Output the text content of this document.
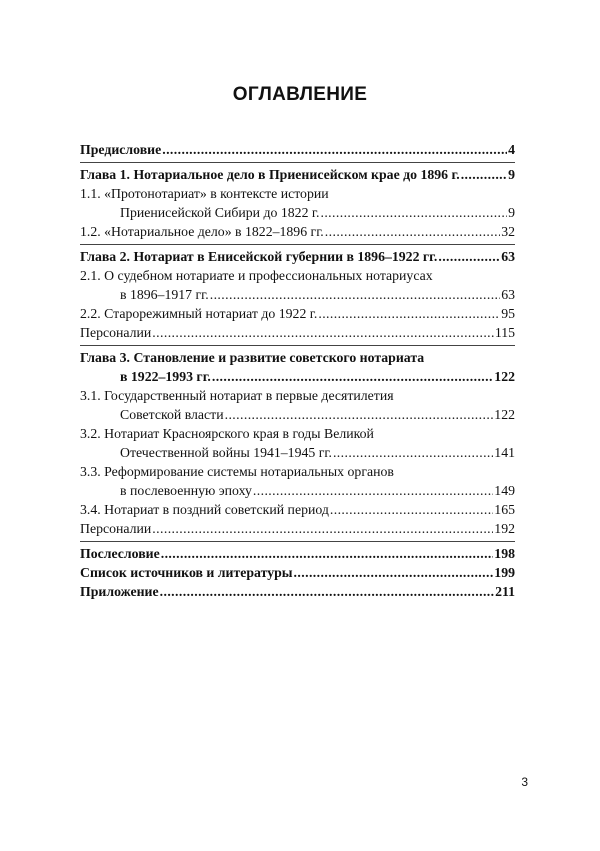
ОГЛАВЛЕНИЕ
Предисловие .....	4
Глава 1. Нотариальное дело в Приенисейском крае до 1896 г. .....	9
1.1. «Протонотариат» в контексте истории
Приенисейской Сибири до 1822 г. .....	9
1.2. «Нотариальное дело» в 1822–1896 гг. .....	32
Глава 2. Нотариат в Енисейской губернии в 1896–1922 гг. .....	63
2.1. О судебном нотариате и профессиональных нотариусах
в 1896–1917 гг. .....	63
2.2. Старорежимный нотариат до 1922 г. .....	95
Персоналии .....	115
Глава 3. Становление и развитие советского нотариата
в 1922–1993 гг. .....	122
3.1. Государственный нотариат в первые десятилетия
Советской власти .....	122
3.2. Нотариат Красноярского края в годы Великой
Отечественной войны 1941–1945 гг. .....	141
3.3. Реформирование системы нотариальных органов
в послевоенную эпоху .....	149
3.4. Нотариат в поздний советский период .....	165
Персоналии .....	192
Послесловие .....	198
Список источников и литературы .....	199
Приложение .....	211
3
